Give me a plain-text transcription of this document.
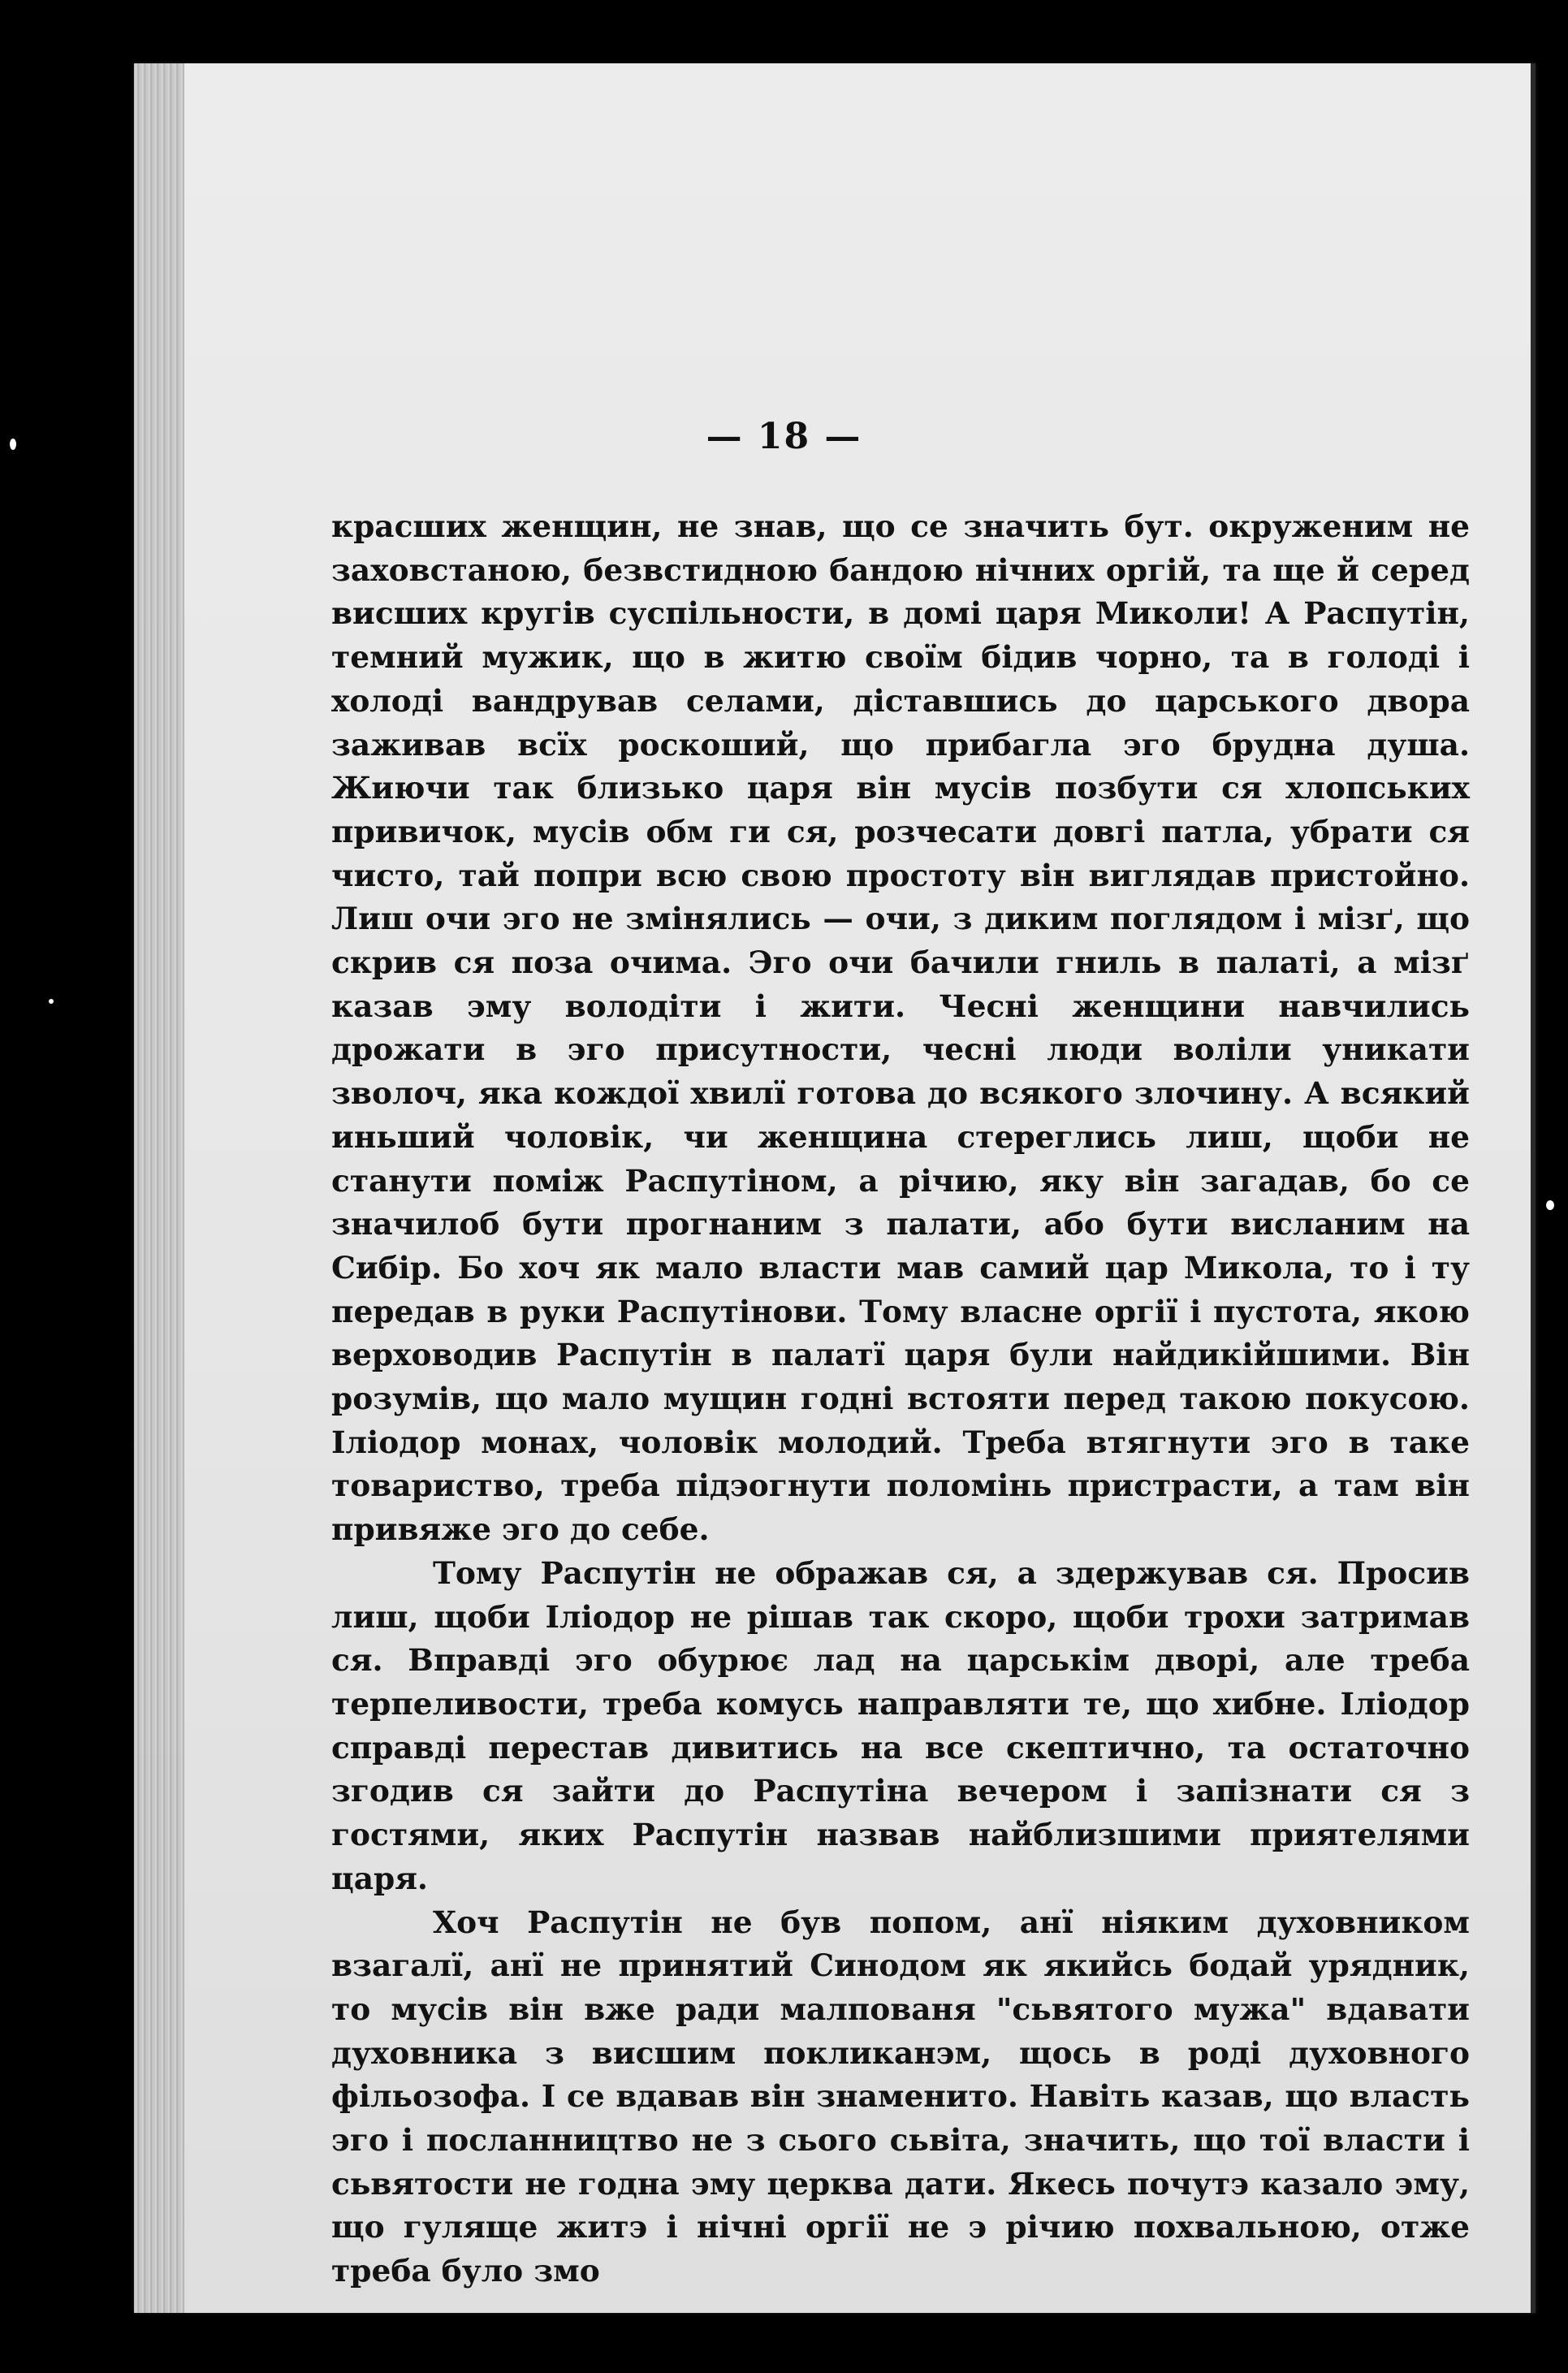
— 18 —

красших женщин, не знав, що се значить бут. окруженим не заховстаною, безвстидною бандою нічних оргій, та ще й серед висших кругів суспільности, в домі царя Миколи! А Распутін, темний мужик, що в житю своїм бідив чорно, та в голоді і холоді вандрував селами, діставшись до царського двора заживав всїх роскоший, що прибагла эго брудна душа. Жиючи так близько царя він мусів позбути ся хлопських привичок, мусів обм ги ся, розчесати довгі патла, убрати ся чисто, тай попри всю свою простоту він виглядав пристойно. Лиш очи эго не змінялись — очи, з диким поглядом і мізґ, що скрив ся поза очима. Эго очи бачили гниль в палаті, а мізґ казав эму володіти і жити. Чесні женщини навчились дрожати в эго присутности, чесні люди воліли уникати зволоч, яка кождої хвилї готова до всякого злочину. А всякий иньший чоловік, чи женщина стереглись лиш, щоби не станути поміж Распутіном, а річию, яку він загадав, бо се значилоб бути прогнаним з палати, або бути висланим на Сибір. Бо хоч як мало власти мав самий цар Микола, то і ту передав в руки Распутінови. Тому власне оргії і пустота, якою верховодив Распутін в палатї царя були найдикійшими. Він розумів, що мало мущин годні встояти перед такою покусою. Іліодор монах, чоловік молодий. Треба втягнути эго в таке товариство, треба підэогнути поломінь пристрасти, а там він привяже эго до себе.

Тому Распутін не ображав ся, а здержував ся. Просив лиш, щоби Іліодор не рішав так скоро, щоби трохи затримав ся. Вправді эго обурює лад на царськім дворі, але треба терпеливости, треба комусь направляти те, що хибне. Іліодор справді перестав дивитись на все скептично, та остаточно згодив ся зайти до Распутіна вечером і запізнати ся з гостями, яких Распутін назвав найблизшими приятелями царя.

Хоч Распутін не був попом, анї ніяким духовником взагалї, анї не принятий Синодом як якийсь бодай урядник, то мусів він вже ради малпованя "сьвятого мужа" вдавати духовника з висшим покликанэм, щось в роді духовного фільозофа. І се вдавав він знаменито. Навіть казав, що власть эго і посланництво не з сього сьвіта, значить, що тої власти і сьвятости не годна эму церква дати. Якесь почутэ казало эму, що гуляще житэ і нічні оргії не э річию похвальною, отже треба було змо
